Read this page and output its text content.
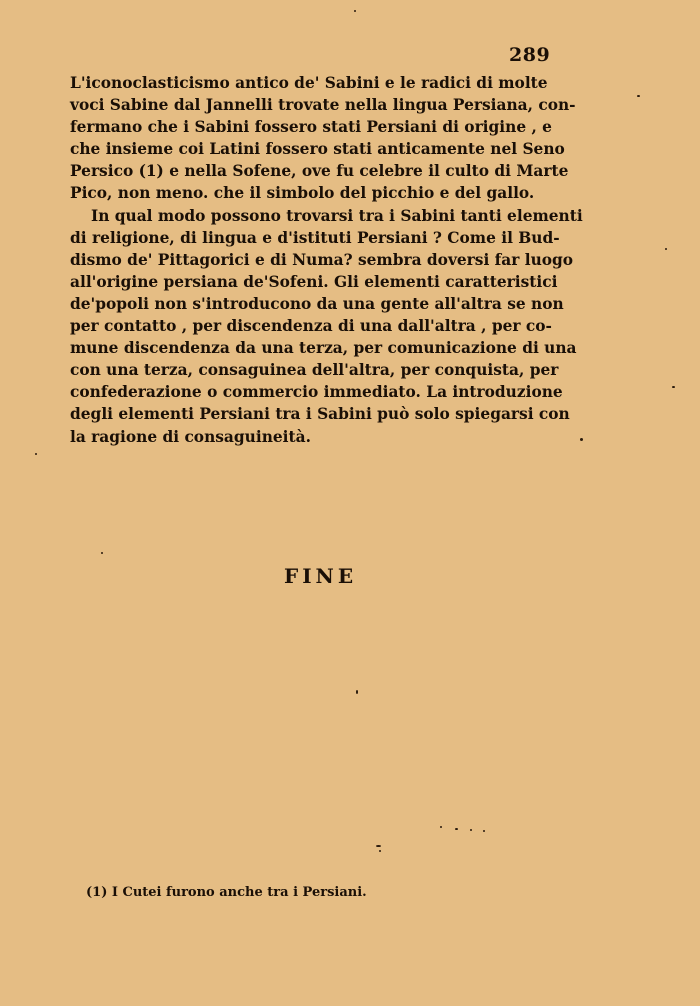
289
L'iconoclasticismo antico de' Sabini e le radici di molte
voci Sabine dal Jannelli trovate nella lingua Persiana, con-
fermano che i Sabini fossero stati Persiani di origine , e
che insieme coi Latini fossero stati anticamente nel Seno
Persico (1) e nella Sofene, ove fu celebre il culto di Marte
Pico, non meno. che il simbolo del picchio e del gallo.
In qual modo possono trovarsi tra i Sabini tanti elementi
di religione, di lingua e d'istituti Persiani ? Come il Bud-
dismo de' Pittagorici e di Numa? sembra doversi far luogo
all'origine persiana de'Sofeni. Gli elementi caratteristici
de'popoli non s'introducono da una gente all'altra se non
per contatto , per discendenza di una dall'altra , per co-
mune discendenza da una terza, per comunicazione di una
con una terza, consaguinea dell'altra, per conquista, per
confederazione o commercio immediato. La introduzione
degli elementi Persiani tra i Sabini può solo spiegarsi con
la ragione di consaguineità.
FINE
(1) I Cutei furono anche tra i Persiani.
